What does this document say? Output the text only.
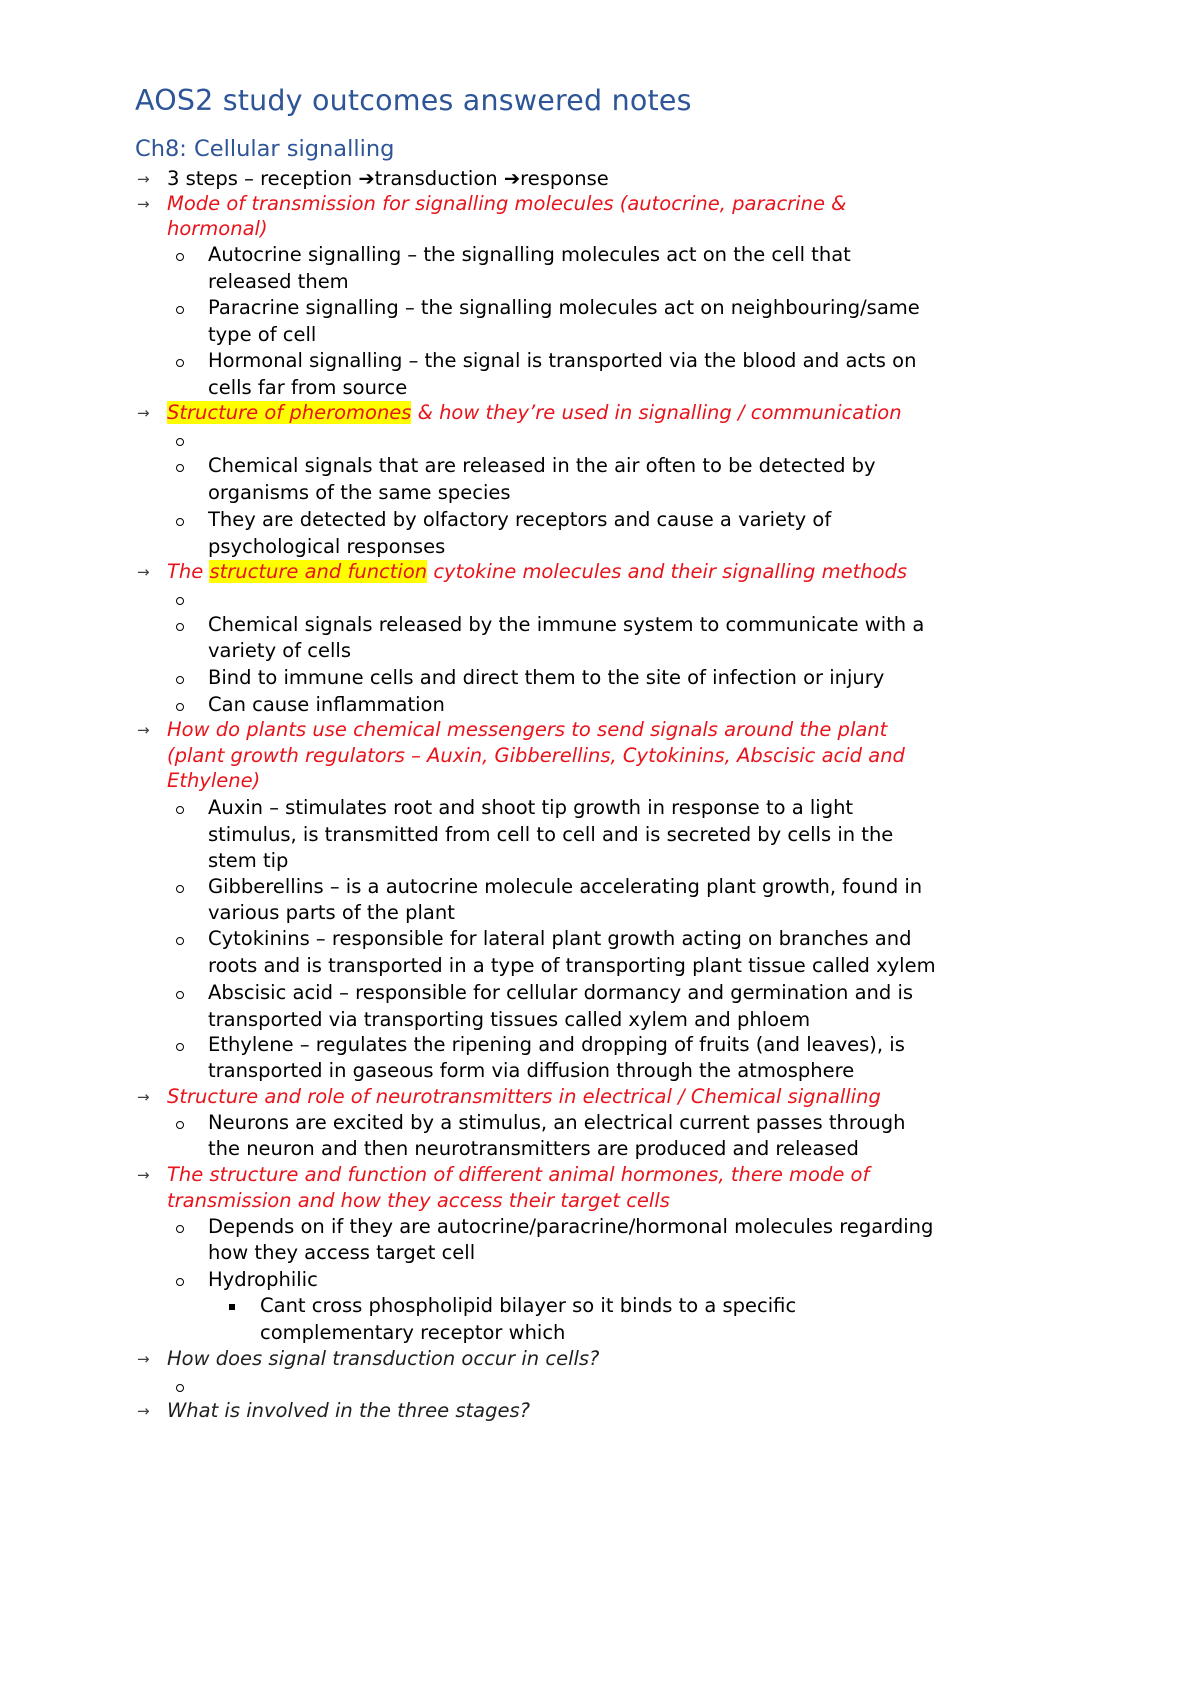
AOS2 study outcomes answered notes
Ch8: Cellular signalling
→ 3 steps – reception ➔transduction ➔response
→ Mode of transmission for signalling molecules (autocrine, paracrine &
hormonal)
Autocrine signalling – the signalling molecules act on the cell that
released them
Paracrine signalling – the signalling molecules act on neighbouring/same
type of cell
Hormonal signalling – the signal is transported via the blood and acts on
cells far from source
→ Structure of pheromones & how they’re used in signalling / communication
Chemical signals that are released in the air often to be detected by
organisms of the same species
They are detected by olfactory receptors and cause a variety of
psychological responses
→ The structure and function cytokine molecules and their signalling methods
Chemical signals released by the immune system to communicate with a
variety of cells
Bind to immune cells and direct them to the site of infection or injury
Can cause inflammation
→ How do plants use chemical messengers to send signals around the plant
(plant growth regulators – Auxin, Gibberellins, Cytokinins, Abscisic acid and
Ethylene)
Auxin – stimulates root and shoot tip growth in response to a light
stimulus, is transmitted from cell to cell and is secreted by cells in the
stem tip
Gibberellins – is a autocrine molecule accelerating plant growth, found in
various parts of the plant
Cytokinins – responsible for lateral plant growth acting on branches and
roots and is transported in a type of transporting plant tissue called xylem
Abscisic acid – responsible for cellular dormancy and germination and is
transported via transporting tissues called xylem and phloem
Ethylene – regulates the ripening and dropping of fruits (and leaves), is
transported in gaseous form via diffusion through the atmosphere
→ Structure and role of neurotransmitters in electrical / Chemical signalling
Neurons are excited by a stimulus, an electrical current passes through
the neuron and then neurotransmitters are produced and released
→ The structure and function of different animal hormones, there mode of
transmission and how they access their target cells
Depends on if they are autocrine/paracrine/hormonal molecules regarding
how they access target cell
Hydrophilic
Cant cross phospholipid bilayer so it binds to a specific
complementary receptor which
→ How does signal transduction occur in cells?
→ What is involved in the three stages?
